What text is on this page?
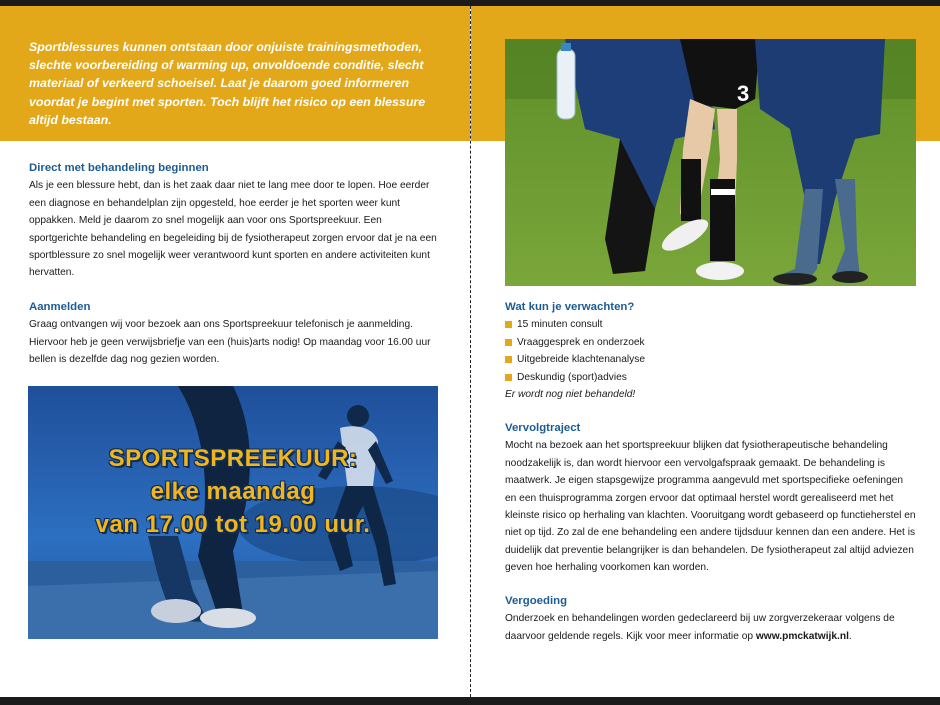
Sportblessures kunnen ontstaan door onjuiste trainingsmethoden, slechte voorbereiding of warming up, onvoldoende conditie, slecht materiaal of verkeerd schoeisel. Laat je daarom goed informeren voordat je begint met sporten. Toch blijft het risico op een blessure altijd bestaan.

Direct met behandeling beginnen

Als je een blessure hebt, dan is het zaak daar niet te lang mee door te lopen. Hoe eerder een diagnose en behandelplan zijn opgesteld, hoe eerder je het sporten weer kunt oppakken. Meld je daarom zo snel mogelijk aan voor ons Sportspreekuur. Een sportgerichte behandeling en begeleiding bij de fysiotherapeut zorgen ervoor dat je na een sportblessure zo snel mogelijk weer verantwoord kunt sporten en andere activiteiten kunt hervatten.

Aanmelden

Graag ontvangen wij voor bezoek aan ons Sportspreekuur telefonisch je aanmelding. Hiervoor heb je geen verwijsbriefje van een (huis)arts nodig! Op maandag voor 16.00 uur bellen is dezelfde dag nog gezien worden.

SPORTSPREEKUUR:
elke maandag
van 17.00 tot 19.00 uur.
3
Wat kun je verwachten?
15 minuten consult
Vraaggesprek en onderzoek
Uitgebreide klachtenanalyse
Deskundig (sport)advies

Er wordt nog niet behandeld!

Vervolgtraject

Mocht na bezoek aan het sportspreekuur blijken dat fysiotherapeutische behandeling noodzakelijk is, dan wordt hiervoor een vervolgafspraak gemaakt. De behandeling is maatwerk. Je eigen stapsgewijze programma aangevuld met sportspecifieke oefeningen en een thuisprogramma zorgen ervoor dat optimaal herstel wordt gerealiseerd met het kleinste risico op herhaling van klachten. Vooruitgang wordt gebaseerd op functieherstel en niet op tijd. Zo zal de ene behandeling een andere tijdsduur kennen dan een andere. Het is duidelijk dat preventie belangrijker is dan behandelen. De fysiotherapeut zal altijd adviezen geven hoe herhaling voorkomen kan worden.

Vergoeding

Onderzoek en behandelingen worden gedeclareerd bij uw zorgverzekeraar volgens de daarvoor geldende regels. Kijk voor meer informatie op www.pmckatwijk.nl.
